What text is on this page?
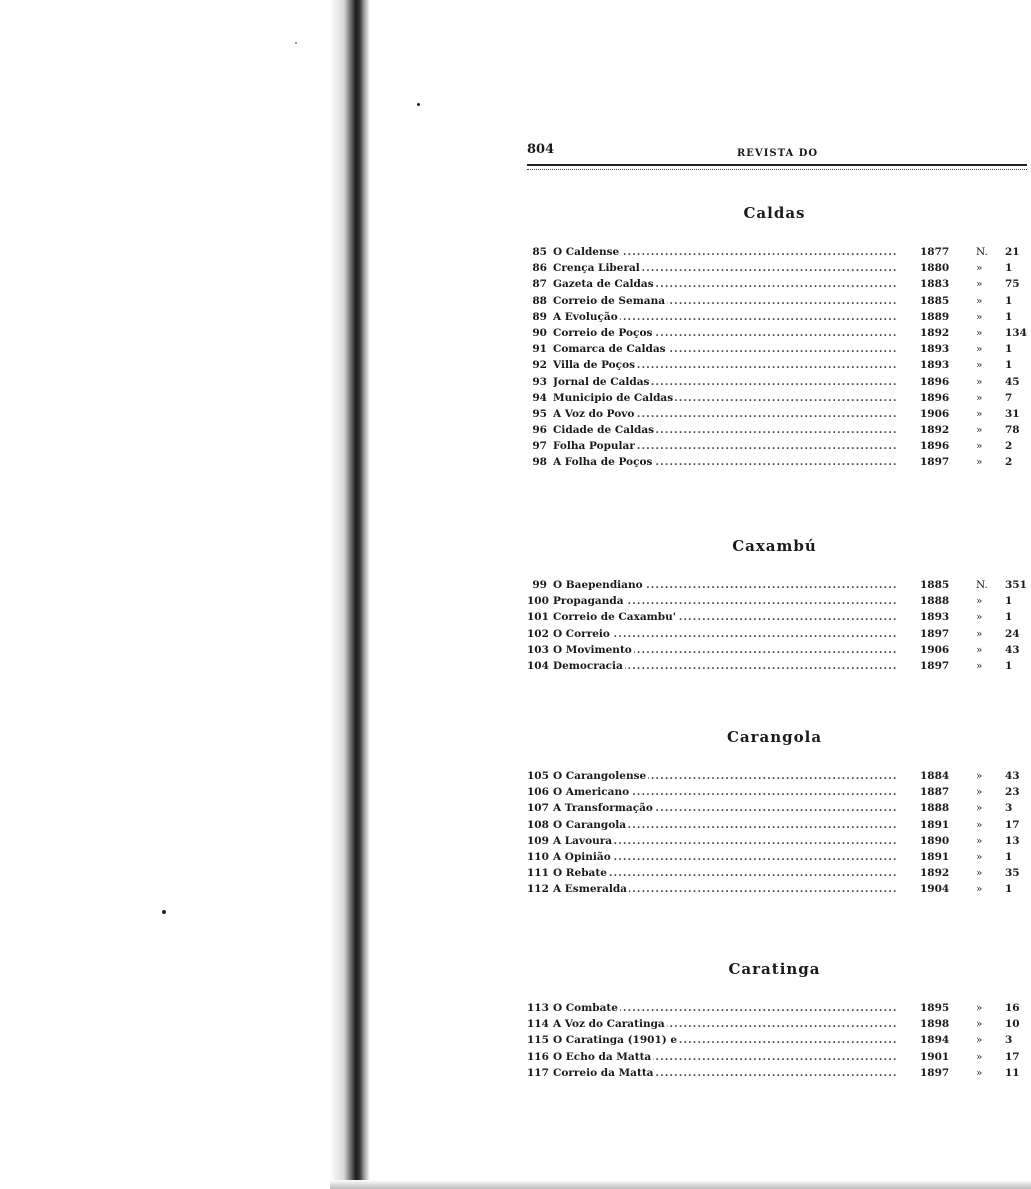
804	REVISTA DO
Caldas
85 O Caldense .....	1877	N.	21
86 Crença Liberal .....	1880	»	1
87 Gazeta de Caldas .....	1883	»	75
88 Correio de Semana .....	1885	»	1
89 A Evolução .....	1889	»	1
90 Correio de Poços .....	1892	»	134
91 Comarca de Caldas .....	1893	»	1
92 Villa de Poços .....	1893	»	1
93 Jornal de Caldas .....	1896	»	45
94 Municipio de Caldas .....	1896	»	7
95 A Voz do Povo .....	1906	»	31
96 Cidade de Caldas .....	1892	»	78
97 Folha Popular .....	1896	»	2
98 A Folha de Poços .....	1897	»	2
Caxambú
99 O Baependiano .....	1885	N.	351
100 Propaganda .....	1888	»	1
101 Correio de Caxambu' .....	1893	»	1
102 O Correio .....	1897	»	24
103 O Movimento .....	1906	»	43
104 Democracia .....	1897	»	1
Carangola
105 O Carangolense .....	1884	»	43
106 O Americano .....	1887	»	23
107 A Transformação .....	1888	»	3
108 O Carangola .....	1891	»	17
109 A Lavoura .....	1890	»	13
110 A Opinião .....	1891	»	1
111 O Rebate .....	1892	»	35
112 A Esmeralda .....	1904	»	1
Caratinga
113 O Combate .....	1895	»	16
114 A Voz do Caratinga .....	1898	»	10
115 O Caratinga (1901) e .....	1894	»	3
116 O Echo da Matta .....	1901	»	17
117 Correio da Matta .....	1897	»	11
